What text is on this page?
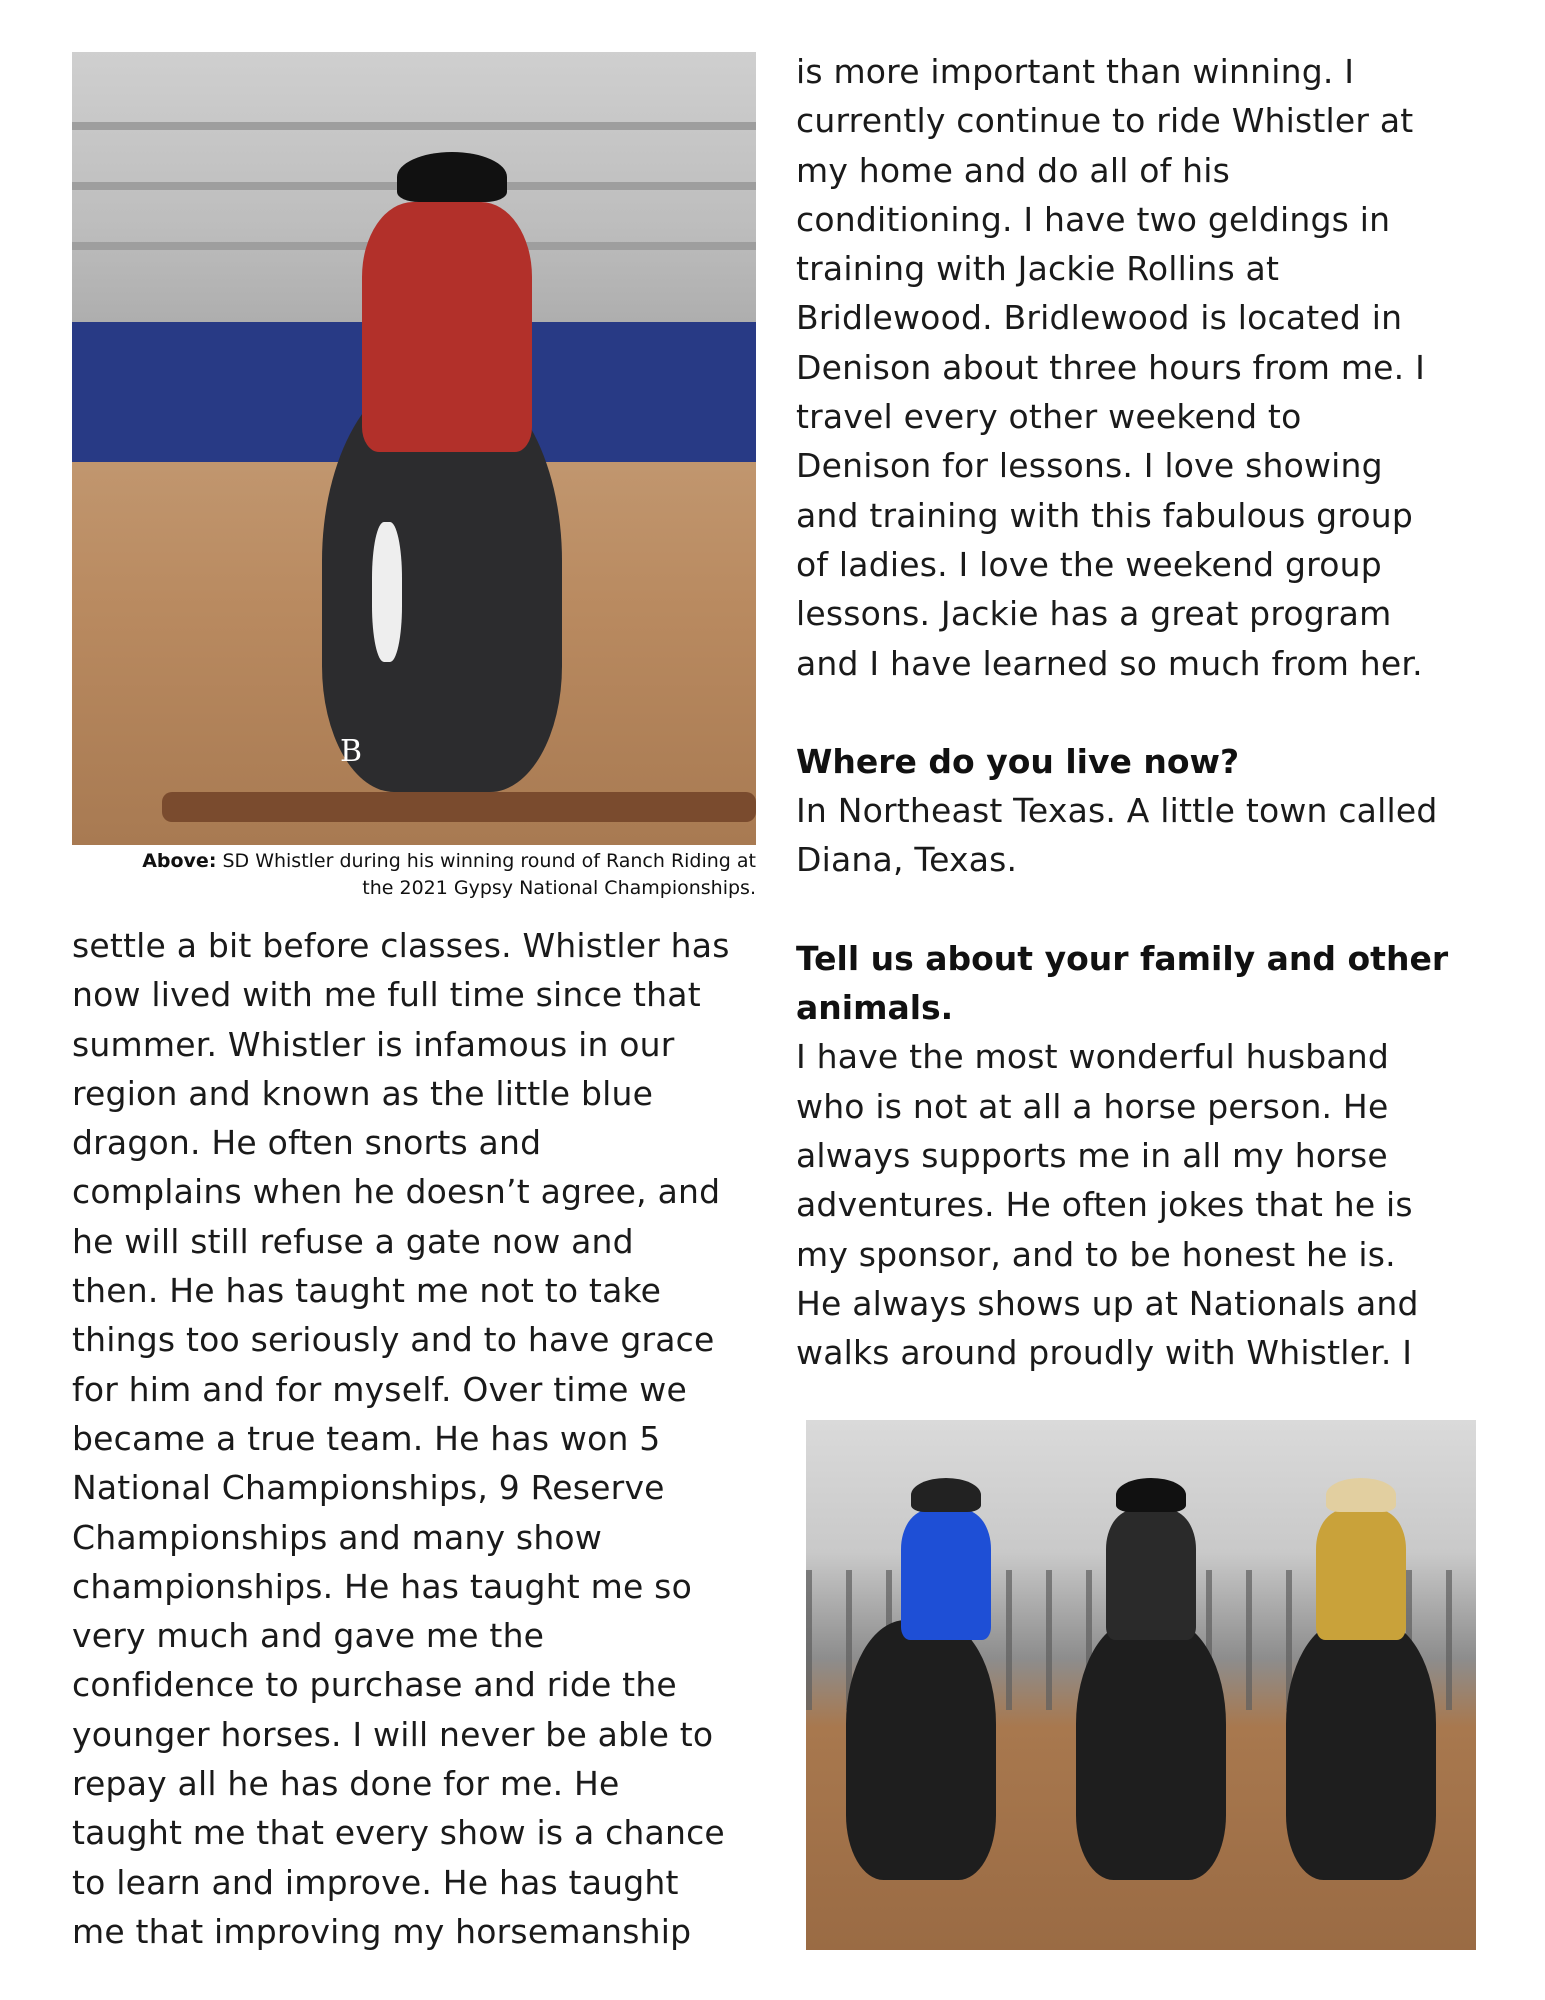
B
Above: SD Whistler during his winning round of Ranch Riding at
the 2021 Gypsy National Championships.

settle a bit before classes. Whistler has

now lived with me full time since that

summer. Whistler is infamous in our

region and known as the little blue

dragon. He often snorts and

complains when he doesn’t agree, and

he will still refuse a gate now and

then. He has taught me not to take

things too seriously and to have grace

for him and for myself. Over time we

became a true team. He has won 5

National Championships, 9 Reserve

Championships and many show

championships. He has taught me so

very much and gave me the

confidence to purchase and ride the

younger horses. I will never be able to

repay all he has done for me. He

taught me that every show is a chance

to learn and improve. He has taught

me that improving my horsemanship

is more important than winning. I

currently continue to ride Whistler at

my home and do all of his

conditioning. I have two geldings in

training with Jackie Rollins at

Bridlewood. Bridlewood is located in

Denison about three hours from me. I

travel every other weekend to

Denison for lessons. I love showing

and training with this fabulous group

of ladies. I love the weekend group

lessons. Jackie has a great program

and I have learned so much from her.

Where do you live now?

In Northeast Texas. A little town called

Diana, Texas.

Tell us about your family and other

animals.

I have the most wonderful husband

who is not at all a horse person. He

always supports me in all my horse

adventures. He often jokes that he is

my sponsor, and to be honest he is.

He always shows up at Nationals and

walks around proudly with Whistler. I
